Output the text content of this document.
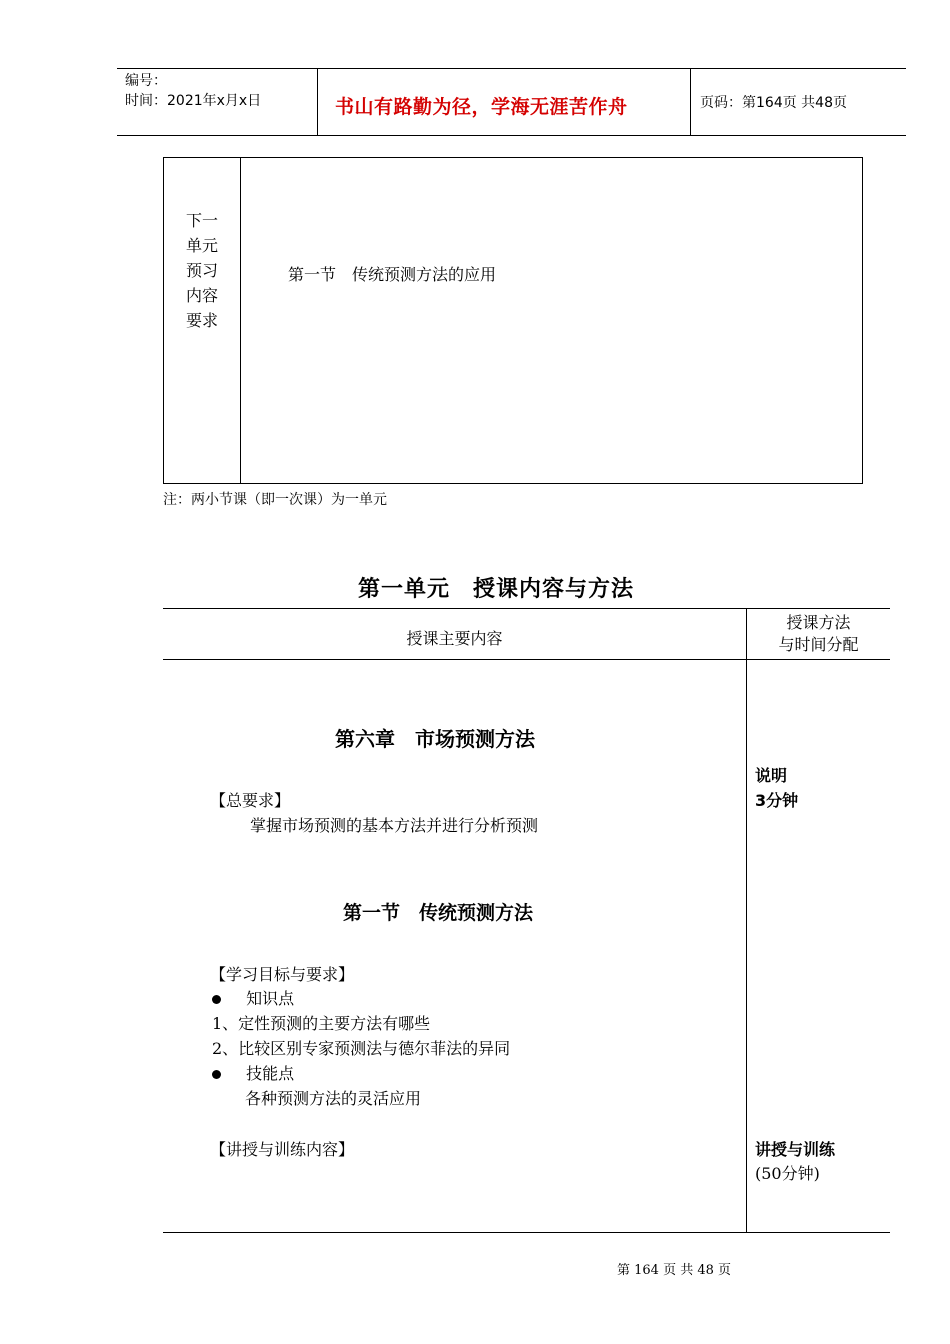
编号：
时间：2021年x月x日	书山有路勤为径，学海无涯苦作舟	页码：第164页 共48页
下一
单元
预习
内容
要求
第一节　传统预测方法的应用
注：两小节课（即一次课）为一单元
第一单元　授课内容与方法
授课主要内容
授课方法
与时间分配
第六章　市场预测方法
【总要求】
掌握市场预测的基本方法并进行分析预测
第一节　传统预测方法
【学习目标与要求】
知识点
1、定性预测的主要方法有哪些
2、比较区别专家预测法与德尔菲法的异同
技能点
各种预测方法的灵活应用
【讲授与训练内容】
说明
3分钟
讲授与训练
(50分钟)
第 164 页 共 48 页
